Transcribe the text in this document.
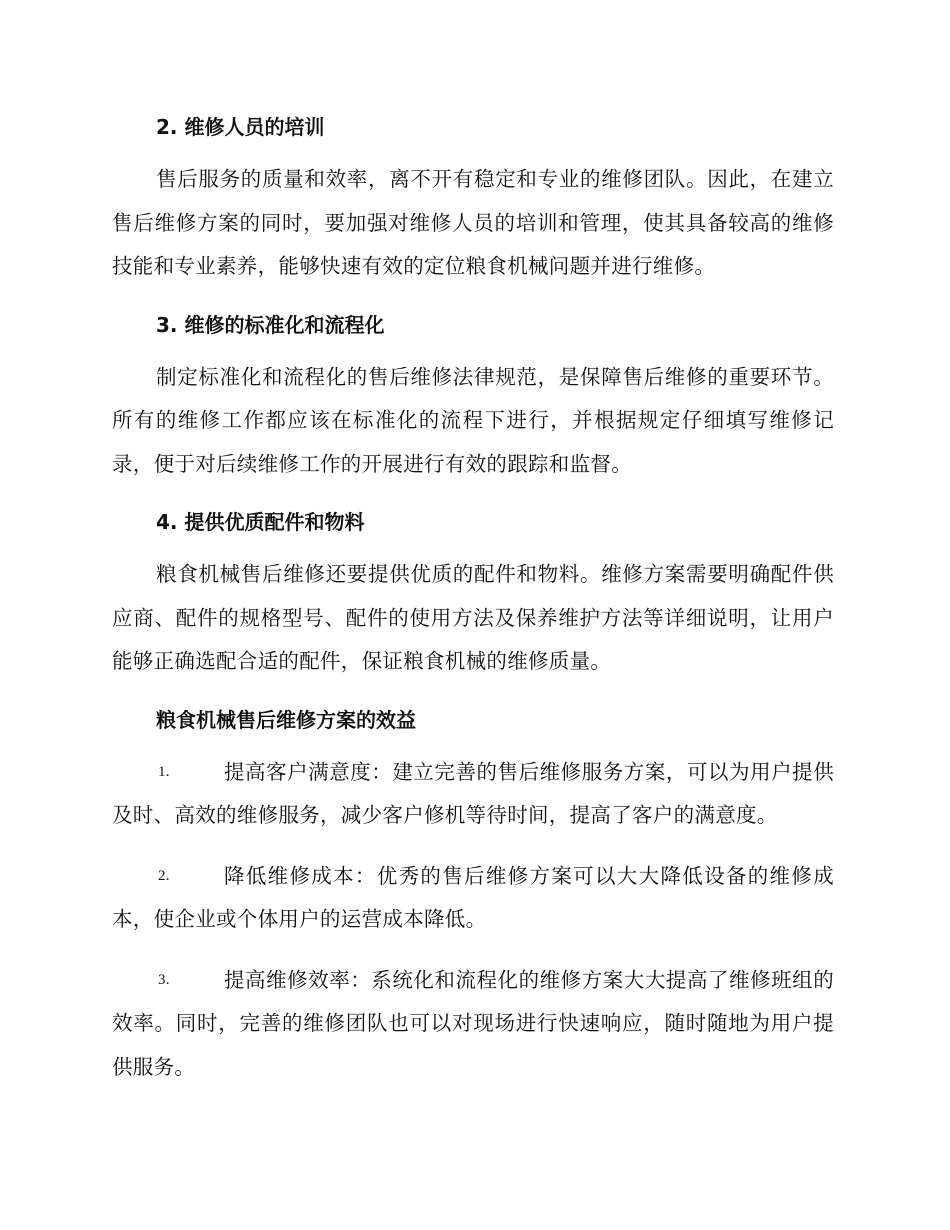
2. 维修人员的培训

售后服务的质量和效率，离不开有稳定和专业的维修团队。因此，在建立售后维修方案的同时，要加强对维修人员的培训和管理，使其具备较高的维修技能和专业素养，能够快速有效的定位粮食机械问题并进行维修。

3. 维修的标准化和流程化

制定标准化和流程化的售后维修法律规范，是保障售后维修的重要环节。所有的维修工作都应该在标准化的流程下进行，并根据规定仔细填写维修记录，便于对后续维修工作的开展进行有效的跟踪和监督。

4. 提供优质配件和物料

粮食机械售后维修还要提供优质的配件和物料。维修方案需要明确配件供应商、配件的规格型号、配件的使用方法及保养维护方法等详细说明，让用户能够正确选配合适的配件，保证粮食机械的维修质量。

粮食机械售后维修方案的效益
1.	提高客户满意度：建立完善的售后维修服务方案，可以为用户提供及时、高效的维修服务，减少客户修机等待时间，提高了客户的满意度。
2.	降低维修成本：优秀的售后维修方案可以大大降低设备的维修成本，使企业或个体用户的运营成本降低。
3.	提高维修效率：系统化和流程化的维修方案大大提高了维修班组的效率。同时，完善的维修团队也可以对现场进行快速响应，随时随地为用户提供服务。
